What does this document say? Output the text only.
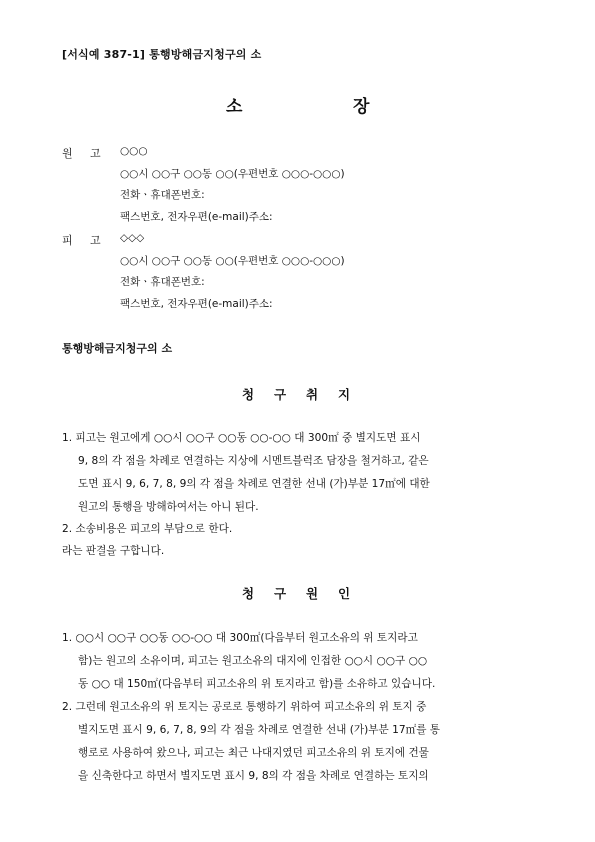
[서식예 387-1] 통행방해금지청구의 소
소	장
원 고 ○○○
○○시 ○○구 ○○동 ○○(우편번호 ○○○-○○○)
전화ㆍ휴대폰번호:
팩스번호, 전자우편(e-mail)주소:
피 고 ◇◇◇
○○시 ○○구 ○○동 ○○(우편번호 ○○○-○○○)
전화ㆍ휴대폰번호:
팩스번호, 전자우편(e-mail)주소:
통행방해금지청구의 소
청 구 취 지
1. 피고는 원고에게 ○○시 ○○구 ○○동 ○○-○○ 대 300㎡ 중 별지도면 표시
9, 8의 각 점을 차례로 연결하는 지상에 시멘트블럭조 담장을 철거하고, 같은
도면 표시 9, 6, 7, 8, 9의 각 점을 차례로 연결한 선내 (가)부분 17㎡에 대한
원고의 통행을 방해하여서는 아니 된다.
2. 소송비용은 피고의 부담으로 한다.
라는 판결을 구합니다.
청 구 원 인
1. ○○시 ○○구 ○○동 ○○-○○ 대 300㎡(다음부터 원고소유의 위 토지라고
함)는 원고의 소유이며, 피고는 원고소유의 대지에 인접한 ○○시 ○○구 ○○
동 ○○ 대 150㎡(다음부터 피고소유의 위 토지라고 함)를 소유하고 있습니다.
2. 그런데 원고소유의 위 토지는 공로로 통행하기 위하여 피고소유의 위 토지 중
별지도면 표시 9, 6, 7, 8, 9의 각 점을 차례로 연결한 선내 (가)부분 17㎡를 통
행로로 사용하여 왔으나, 피고는 최근 나대지였던 피고소유의 위 토지에 건물
을 신축한다고 하면서 별지도면 표시 9, 8의 각 점을 차례로 연결하는 토지의
